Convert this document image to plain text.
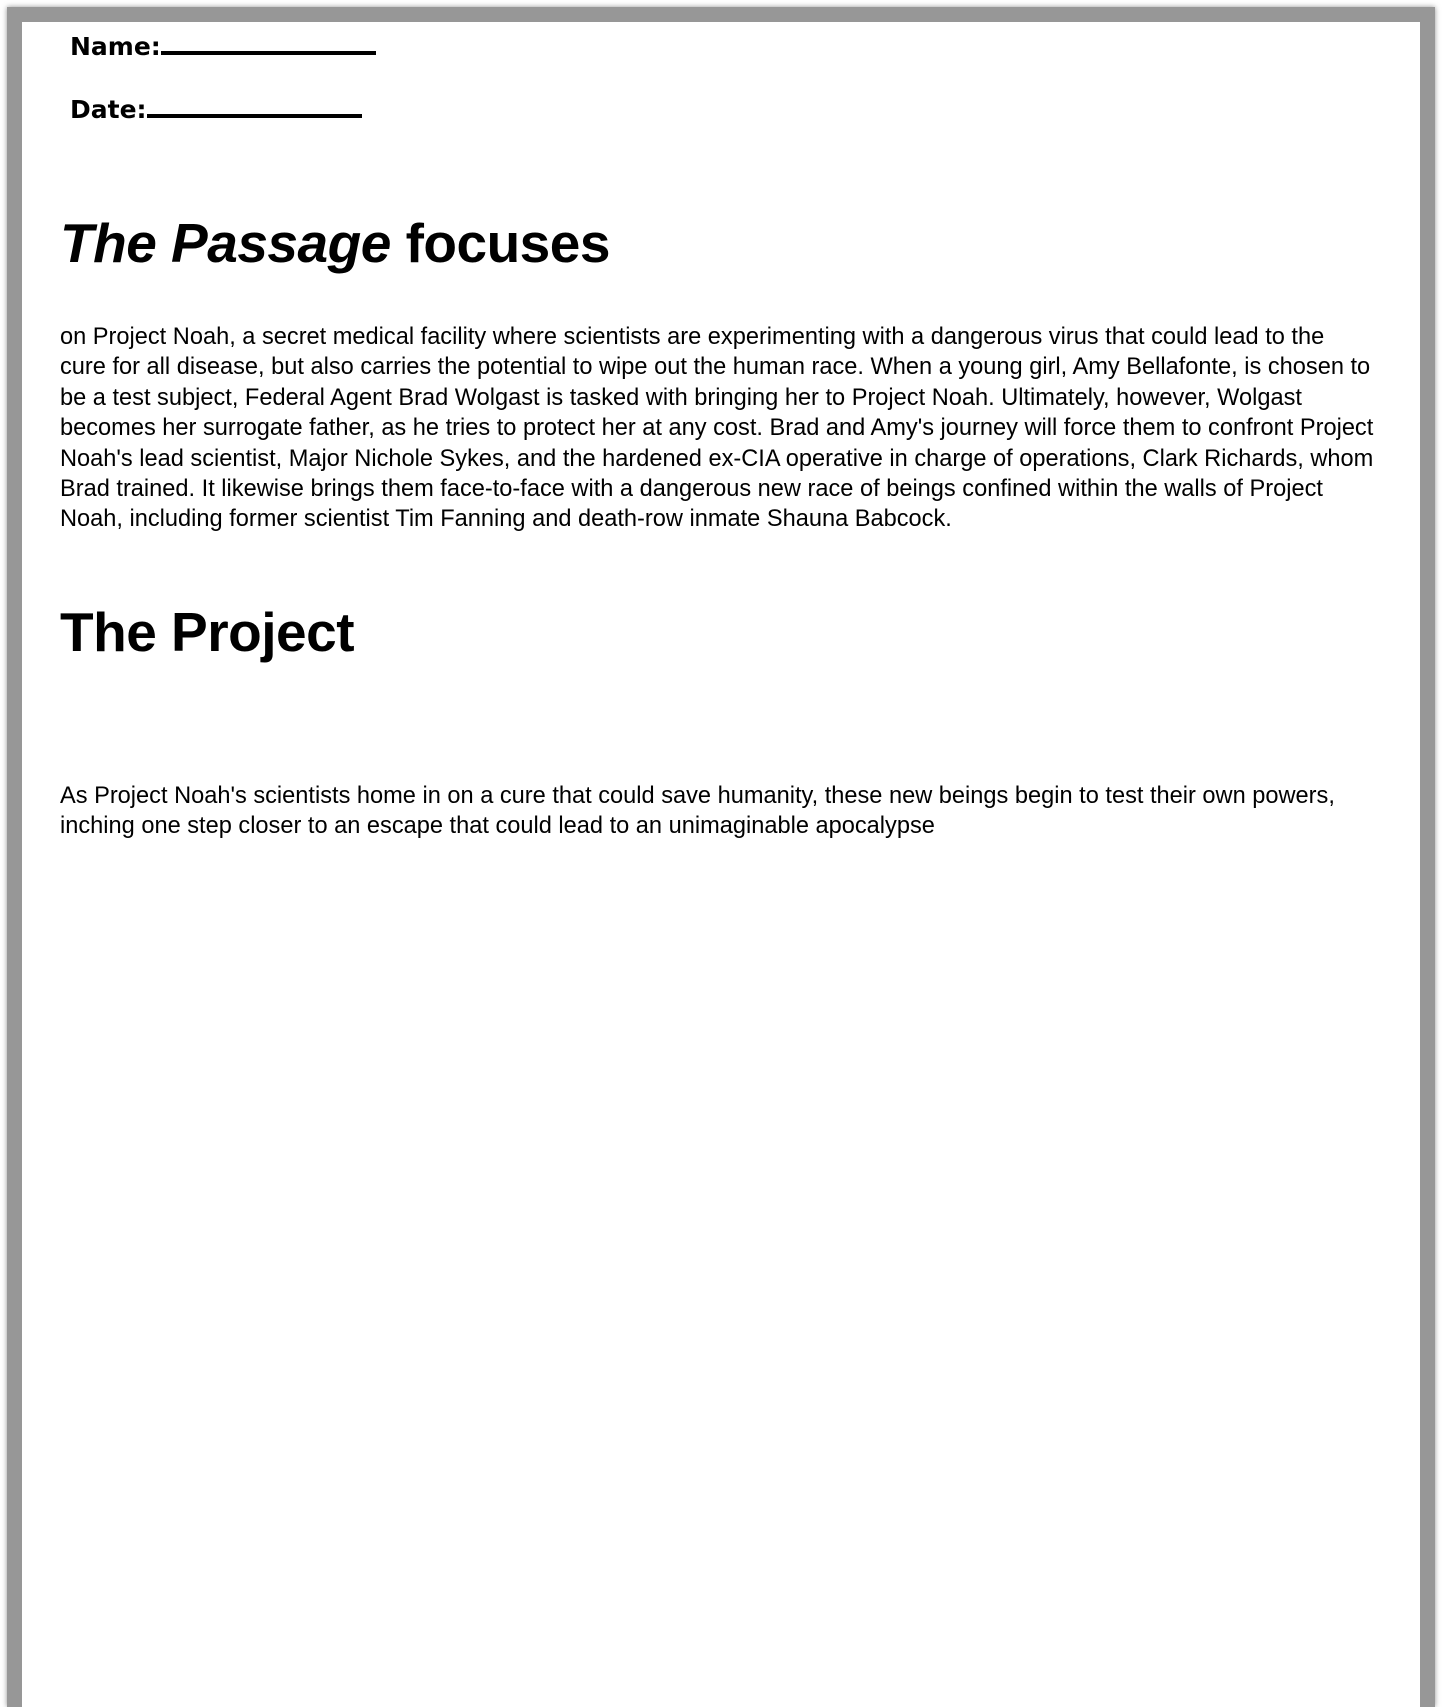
Name:
Date:
The Passage focuses

on Project Noah, a secret medical facility where scientists are experimenting with a dangerous virus that could lead to the cure for all disease, but also carries the potential to wipe out the human race. When a young girl, Amy Bellafonte, is chosen to be a test subject, Federal Agent Brad Wolgast is tasked with bringing her to Project Noah. Ultimately, however, Wolgast becomes her surrogate father, as he tries to protect her at any cost. Brad and Amy's journey will force them to confront Project Noah's lead scientist, Major Nichole Sykes, and the hardened ex-CIA operative in charge of operations, Clark Richards, whom Brad trained. It likewise brings them face-to-face with a dangerous new race of beings confined within the walls of Project Noah, including former scientist Tim Fanning and death-row inmate Shauna Babcock.

The Project

As Project Noah's scientists home in on a cure that could save humanity, these new beings begin to test their own powers, inching one step closer to an escape that could lead to an unimaginable apocalypse
